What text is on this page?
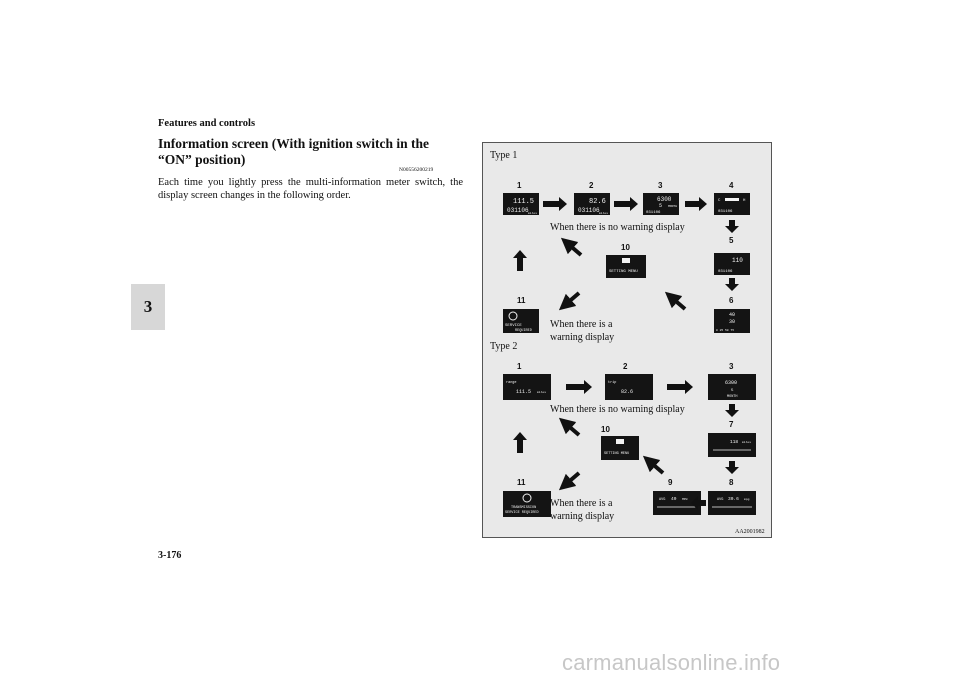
Features and controls
3
Information screen (With ignition switch in the “ON” position)
N00556200219
Each time you lightly press the multi-information meter switch, the display screen changes in the following order.
3-176
carmanualsonline.info
Type 1
1	2	3	4
10
5
11	6
111.5
031106 miles
82.6
031106 miles
6300
5 MONTH
031106
C	H
031106
SETTING MENU
110
031106
SERVICE
REQUIRED
40
30
0 25 50 75
When there is no warning display
When there is a
warning display
Type 2
1	2	3
10
7
11	9	8
range
111.5 miles
trip
82.6
6300
5
MONTH
SETTING MENU
118 miles
TRANSMISSION
SERVICE REQUIRED
AVG 40 MPH	AVG 30.6 mpg
When there is no warning display
When there is a
warning display
AA2001982
